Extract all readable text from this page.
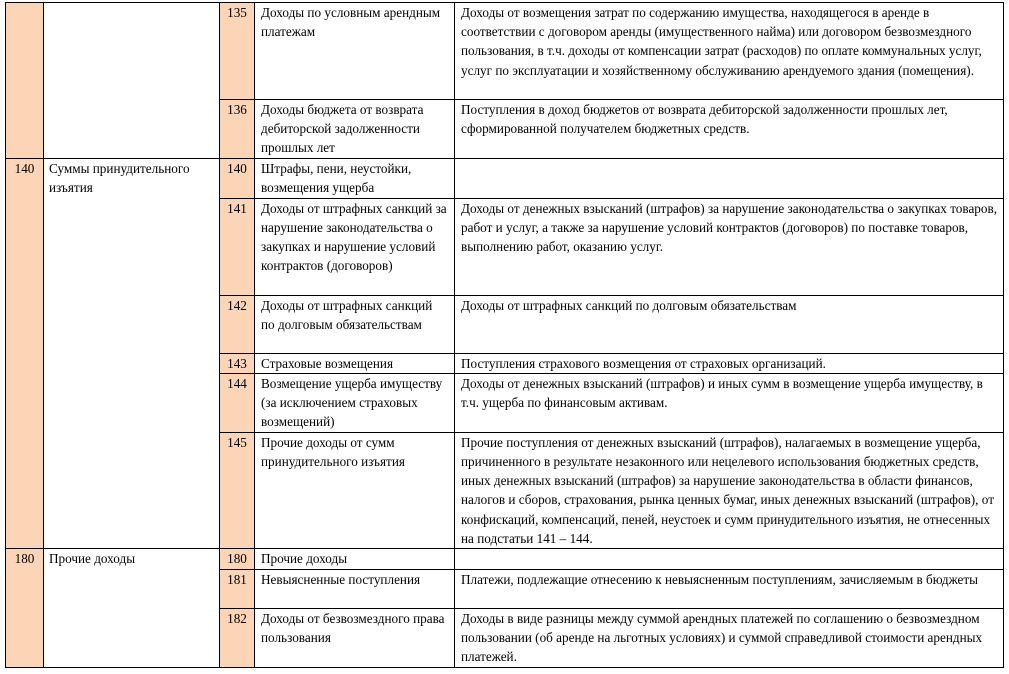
		135	Доходы по условным арендным платежам	Доходы от возмещения затрат по содержанию имущества, находящегося в аренде в соответствии с договором аренды (имущественного найма) или договором безвозмездного пользования, в т.ч. доходы от компенсации затрат (расходов) по оплате коммунальных услуг, услуг по эксплуатации и хозяйственному обслуживанию арендуемого здания (помещения).
		136	Доходы бюджета от возврата дебиторской задолженности прошлых лет	Поступления в доход бюджетов от возврата дебиторской задолженности прошлых лет, сформированной получателем бюджетных средств.
140	Суммы принудительного изъятия	140	Штрафы, пени, неустойки, возмещения ущерба	
		141	Доходы от штрафных санкций за нарушение законодательства о закупках и нарушение условий контрактов (договоров)	Доходы от денежных взысканий (штрафов) за нарушение законодательства о закупках товаров, работ и услуг, а также за нарушение условий контрактов (договоров) по поставке товаров, выполнению работ, оказанию услуг.
		142	Доходы от штрафных санкций по долговым обязательствам	Доходы от штрафных санкций по долговым обязательствам
		143	Страховые возмещения	Поступления страхового возмещения от страховых организаций.
		144	Возмещение ущерба имуществу (за исключением страховых возмещений)	Доходы от денежных взысканий (штрафов) и иных сумм в возмещение ущерба имуществу, в т.ч. ущерба по финансовым активам.
		145	Прочие доходы от сумм принудительного изъятия	Прочие поступления от денежных взысканий (штрафов), налагаемых в возмещение ущерба, причиненного в результате незаконного или нецелевого использования бюджетных средств, иных денежных взысканий (штрафов) за нарушение законодательства в области финансов, налогов и сборов, страхования, рынка ценных бумаг, иных денежных взысканий (штрафов), от конфискаций, компенсаций, пеней, неустоек и сумм принудительного изъятия, не отнесенных на подстатьи 141 – 144.
180	Прочие доходы	180	Прочие доходы	
		181	Невыясненные поступления	Платежи, подлежащие отнесению к невыясненным поступлениям, зачисляемым в бюджеты
		182	Доходы от безвозмездного права пользования	Доходы в виде разницы между суммой арендных платежей по соглашению о безвозмездном пользовании (об аренде на льготных условиях) и суммой справедливой стоимости арендных платежей.
